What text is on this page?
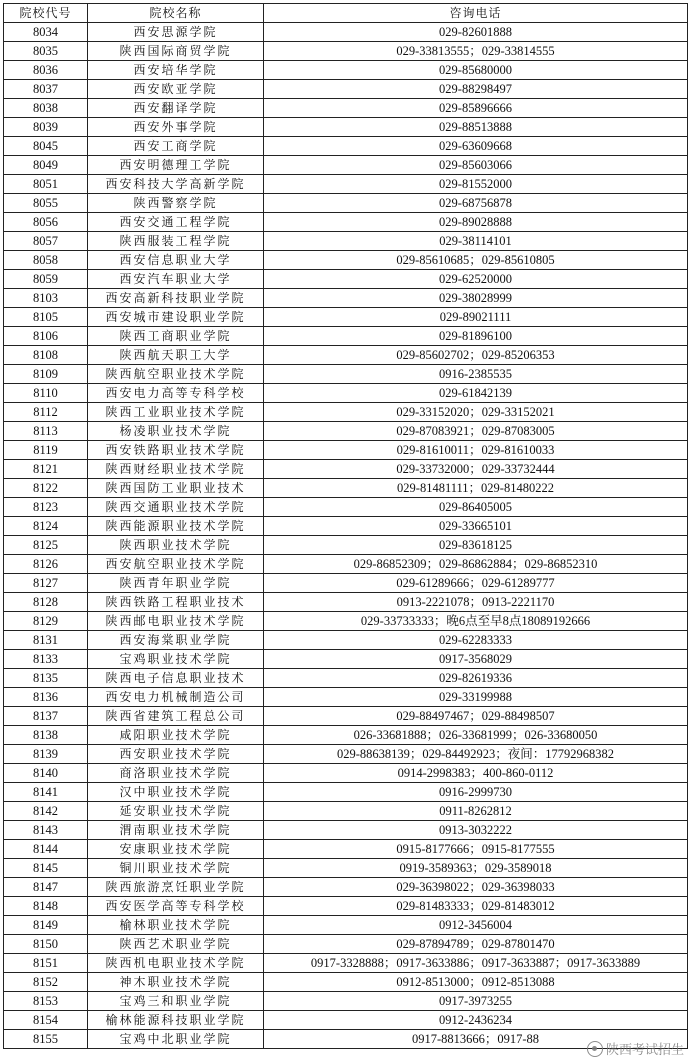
院校代号	院校名称	咨询电话
8034	西安思源学院	029-82601888
8035	陕西国际商贸学院	029-33813555；029-33814555
8036	西安培华学院	029-85680000
8037	西安欧亚学院	029-88298497
8038	西安翻译学院	029-85896666
8039	西安外事学院	029-88513888
8045	西安工商学院	029-63609668
8049	西安明德理工学院	029-85603066
8051	西安科技大学高新学院	029-81552000
8055	陕西警察学院	029-68756878
8056	西安交通工程学院	029-89028888
8057	陕西服装工程学院	029-38114101
8058	西安信息职业大学	029-85610685；029-85610805
8059	西安汽车职业大学	029-62520000
8103	西安高新科技职业学院	029-38028999
8105	西安城市建设职业学院	029-89021111
8106	陕西工商职业学院	029-81896100
8108	陕西航天职工大学	029-85602702；029-85206353
8109	陕西航空职业技术学院	0916-2385535
8110	西安电力高等专科学校	029-61842139
8112	陕西工业职业技术学院	029-33152020；029-33152021
8113	杨凌职业技术学院	029-87083921；029-87083005
8119	西安铁路职业技术学院	029-81610011；029-81610033
8121	陕西财经职业技术学院	029-33732000；029-33732444
8122	陕西国防工业职业技术	029-81481111；029-81480222
8123	陕西交通职业技术学院	029-86405005
8124	陕西能源职业技术学院	029-33665101
8125	陕西职业技术学院	029-83618125
8126	西安航空职业技术学院	029-86852309；029-86862884；029-86852310
8127	陕西青年职业学院	029-61289666；029-61289777
8128	陕西铁路工程职业技术	0913-2221078；0913-2221170
8129	陕西邮电职业技术学院	029-33733333；晚6点至早8点18089192666
8131	西安海棠职业学院	029-62283333
8133	宝鸡职业技术学院	0917-3568029
8135	陕西电子信息职业技术	029-82619336
8136	西安电力机械制造公司	029-33199988
8137	陕西省建筑工程总公司	029-88497467；029-88498507
8138	咸阳职业技术学院	026-33681888；026-33681999；026-33680050
8139	西安职业技术学院	029-88638139；029-84492923；夜间：17792968382
8140	商洛职业技术学院	0914-2998383；400-860-0112
8141	汉中职业技术学院	0916-2999730
8142	延安职业技术学院	0911-8262812
8143	渭南职业技术学院	0913-3032222
8144	安康职业技术学院	0915-8177666；0915-8177555
8145	铜川职业技术学院	0919-3589363；029-3589018
8147	陕西旅游烹饪职业学院	029-36398022；029-36398033
8148	西安医学高等专科学校	029-81483333；029-81483012
8149	榆林职业技术学院	0912-3456004
8150	陕西艺术职业学院	029-87894789；029-87801470
8151	陕西机电职业技术学院	0917-3328888；0917-3633886；0917-3633887；0917-3633889
8152	神木职业技术学院	0912-8513000；0912-8513088
8153	宝鸡三和职业学院	0917-3973255
8154	榆林能源科技职业学院	0912-2436234
8155	宝鸡中北职业学院	0917-8813666；0917-88
陕西考试招生
